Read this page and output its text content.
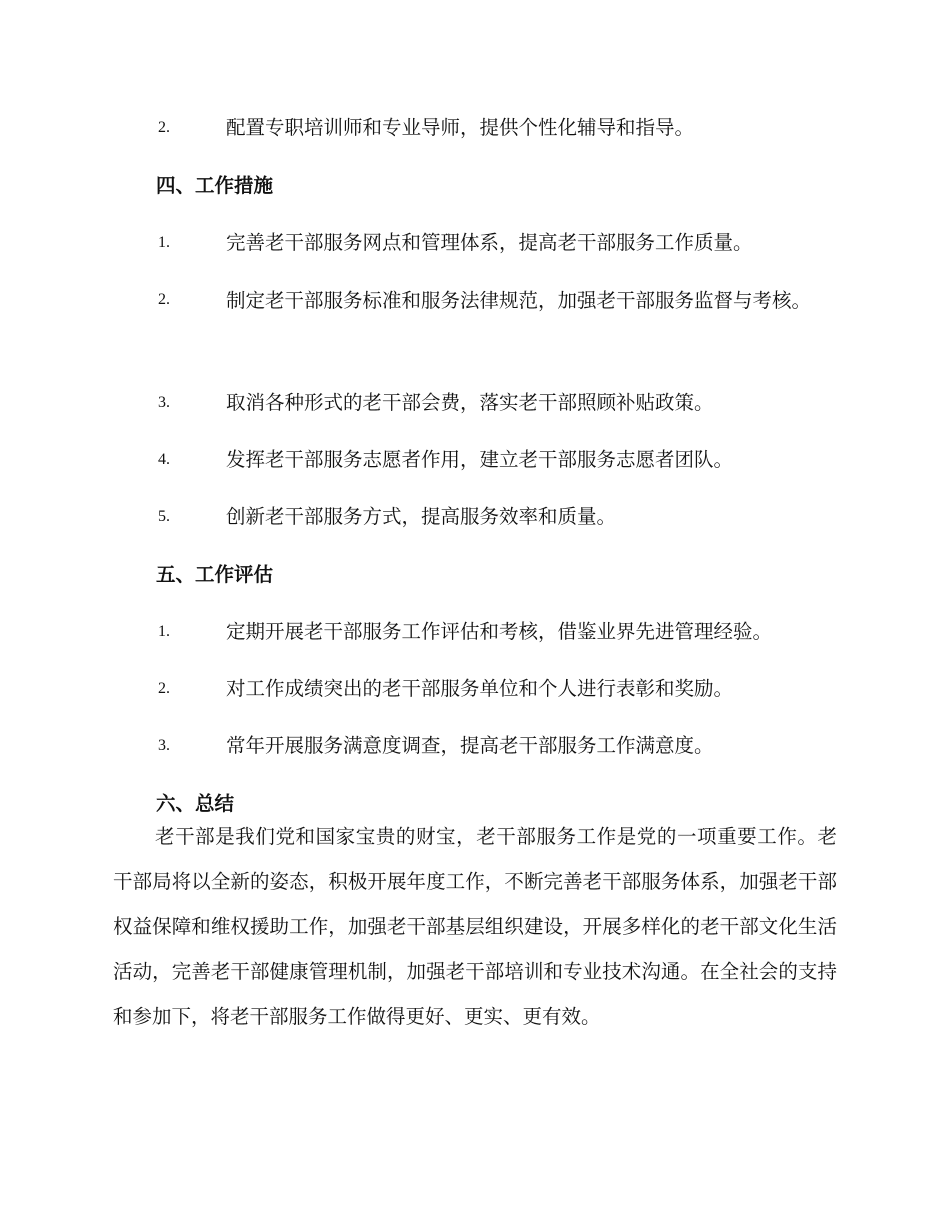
2.	配置专职培训师和专业导师，提供个性化辅导和指导。
四、工作措施
1.	完善老干部服务网点和管理体系，提高老干部服务工作质量。
2.	制定老干部服务标准和服务法律规范，加强老干部服务监督与考核。

3.	取消各种形式的老干部会费，落实老干部照顾补贴政策。
4.	发挥老干部服务志愿者作用，建立老干部服务志愿者团队。
5.	创新老干部服务方式，提高服务效率和质量。
五、工作评估
1.	定期开展老干部服务工作评估和考核，借鉴业界先进管理经验。
2.	对工作成绩突出的老干部服务单位和个人进行表彰和奖励。
3.	常年开展服务满意度调查，提高老干部服务工作满意度。
六、总结

老干部是我们党和国家宝贵的财宝，老干部服务工作是党的一项重要工作。老干部局将以全新的姿态，积极开展年度工作，不断完善老干部服务体系，加强老干部权益保障和维权援助工作，加强老干部基层组织建设，开展多样化的老干部文化生活活动，完善老干部健康管理机制，加强老干部培训和专业技术沟通。在全社会的支持和参加下，将老干部服务工作做得更好、更实、更有效。
